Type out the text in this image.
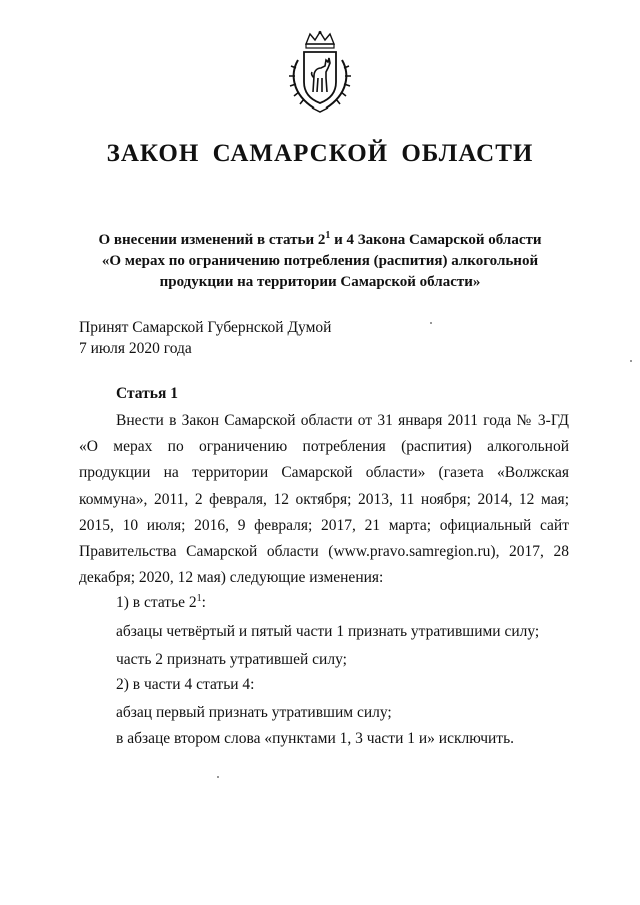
ЗАКОН САМАРСКОЙ ОБЛАСТИ
О внесении изменений в статьи $2^1$ и 4 Закона Самарской области
«О мерах по ограничению потребления (распития) алкогольной
продукции на территории Самарской области»
Принят Самарской Губернской Думой
7 июля 2020 года
Статья 1

Внести в Закон Самарской области от 31 января 2011 года № 3-ГД «О мерах по ограничению потребления (распития) алкогольной продукции на территории Самарской области» (газета «Волжская коммуна», 2011, 2 февраля, 12 октября; 2013, 11 ноября; 2014, 12 мая; 2015, 10 июля; 2016, 9 февраля; 2017, 21 марта; официальный сайт Правительства Самарской области (www.pravo.samregion.ru), 2017, 28 декабря; 2020, 12 мая) следующие изменения:

1) в статье $2^1$:
абзацы четвёртый и пятый части 1 признать утратившими силу;
часть 2 признать утратившей силу;
2) в части 4 статьи 4:
абзац первый признать утратившим силу;
в абзаце втором слова «пунктами 1, 3 части 1 и» исключить.
